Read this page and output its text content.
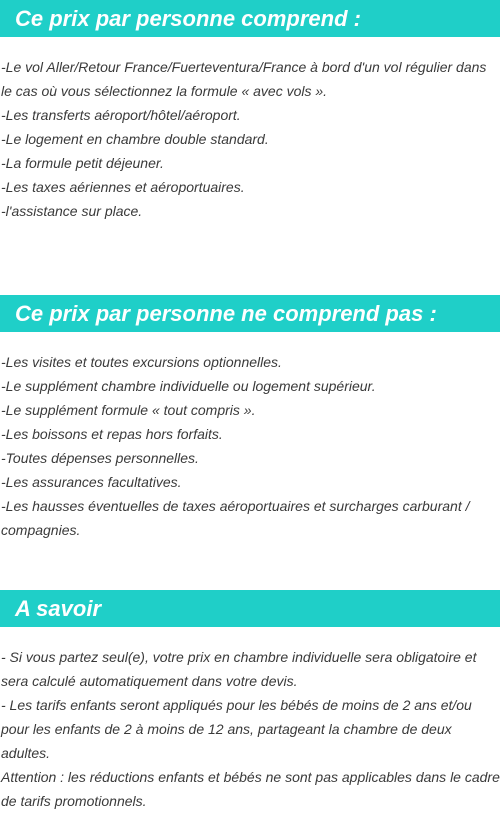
Ce prix par personne comprend :
-Le vol Aller/Retour France/Fuerteventura/France à bord d'un vol régulier dans le cas où vous sélectionnez la formule « avec vols ».
-Les transferts aéroport/hôtel/aéroport.
-Le logement en chambre double standard.
-La formule petit déjeuner.
-Les taxes aériennes et aéroportuaires.
-l'assistance sur place.
Ce prix par personne ne comprend pas :
-Les visites et toutes excursions optionnelles.
-Le supplément chambre individuelle ou logement supérieur.
-Le supplément formule « tout compris ».
-Les boissons et repas hors forfaits.
-Toutes dépenses personnelles.
-Les assurances facultatives.
-Les hausses éventuelles de taxes aéroportuaires et surcharges carburant / compagnies.
A savoir
- Si vous partez seul(e), votre prix en chambre individuelle sera obligatoire et sera calculé automatiquement dans votre devis.
- Les tarifs enfants seront appliqués pour les bébés de moins de 2 ans et/ou pour les enfants de 2 à moins de 12 ans, partageant la chambre de deux adultes.
Attention : les réductions enfants et bébés ne sont pas applicables dans le cadre de tarifs promotionnels.
